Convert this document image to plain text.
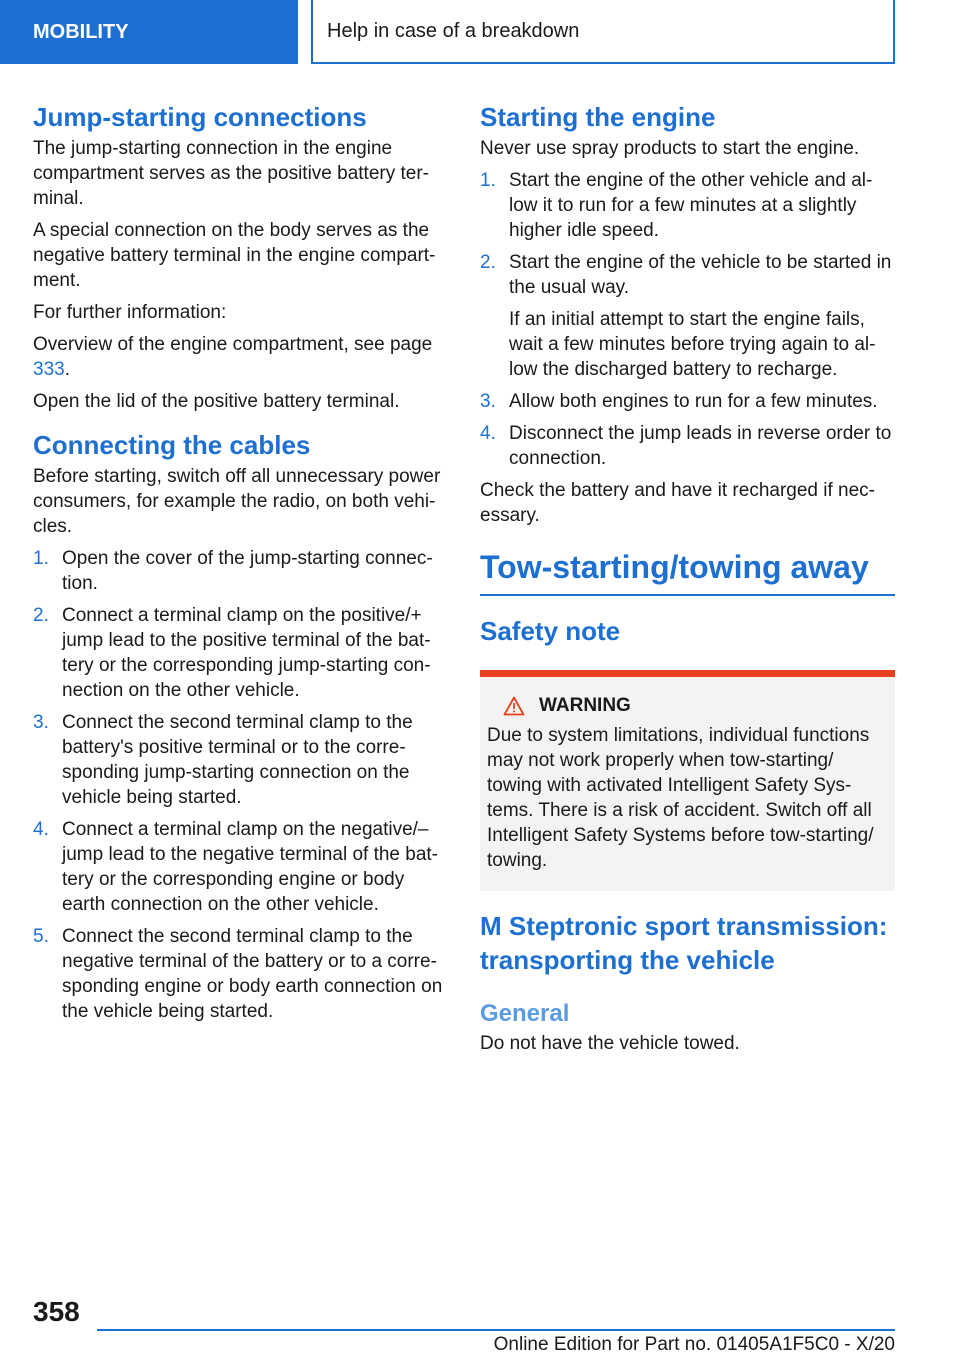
MOBILITY	Help in case of a breakdown
Jump-starting connections

The jump-starting connection in the engine compartment serves as the positive battery ter‐minal.

A special connection on the body serves as the negative battery terminal in the engine compart‐ment.

For further information:

Overview of the engine compartment, see page 333.

Open the lid of the positive battery terminal.

Connecting the cables

Before starting, switch off all unnecessary power consumers, for example the radio, on both vehi‐cles.

1. Open the cover of the jump-starting connec‐tion.
2. Connect a terminal clamp on the positive/+ jump lead to the positive terminal of the bat‐tery or the corresponding jump-starting con‐nection on the other vehicle.
3. Connect the second terminal clamp to the battery's positive terminal or to the corre‐sponding jump-starting connection on the vehicle being started.
4. Connect a terminal clamp on the negative/– jump lead to the negative terminal of the bat‐tery or the corresponding engine or body earth connection on the other vehicle.
5. Connect the second terminal clamp to the negative terminal of the battery or to a corre‐sponding engine or body earth connection on the vehicle being started.
Starting the engine

Never use spray products to start the engine.

1. Start the engine of the other vehicle and al‐low it to run for a few minutes at a slightly higher idle speed.
2. Start the engine of the vehicle to be started in the usual way.
If an initial attempt to start the engine fails, wait a few minutes before trying again to al‐low the discharged battery to recharge.
3. Allow both engines to run for a few minutes.
4. Disconnect the jump leads in reverse order to connection.

Check the battery and have it recharged if nec‐essary.

Tow-starting/towing away
Safety note
WARNING

Due to system limitations, individual functions may not work properly when tow-starting/ towing with activated Intelligent Safety Sys‐tems. There is a risk of accident. Switch off all Intelligent Safety Systems before tow-starting/ towing.

M Steptronic sport transmission: transporting the vehicle
General

Do not have the vehicle towed.

358
Online Edition for Part no. 01405A1F5C0 - X/20
